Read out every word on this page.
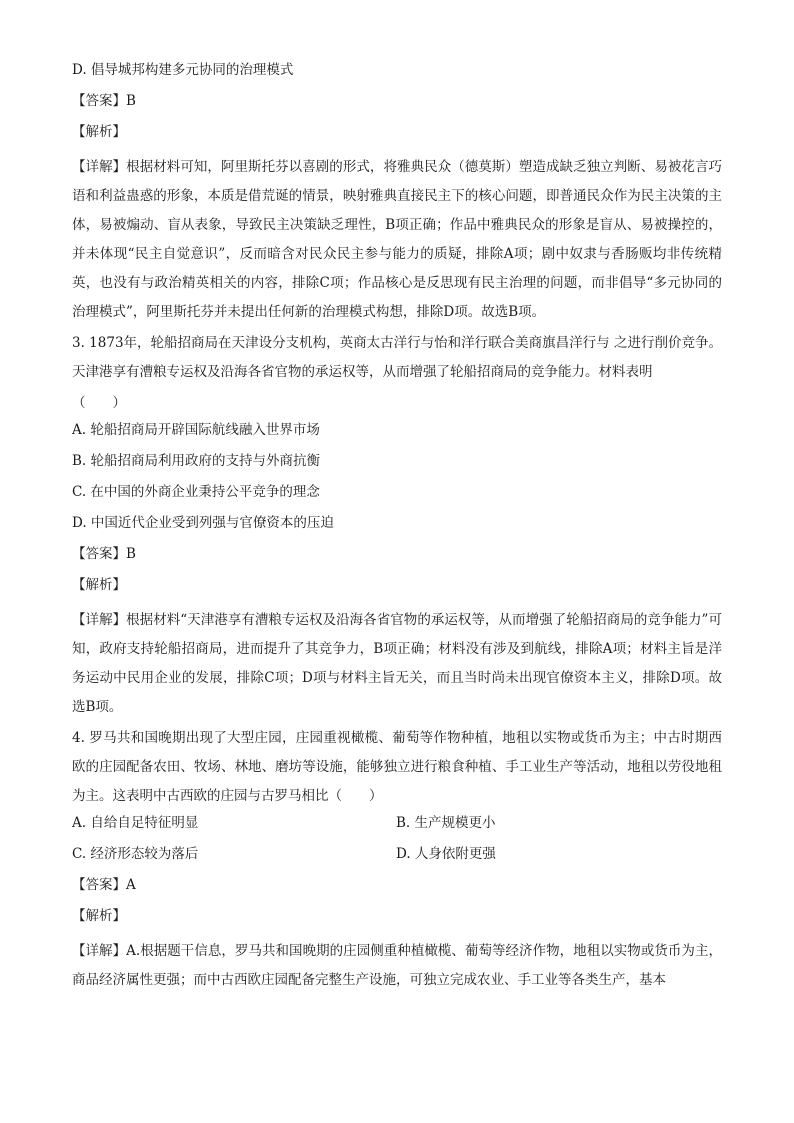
D. 倡导城邦构建多元协同的治理模式

【答案】B

【解析】

【详解】根据材料可知，阿里斯托芬以喜剧的形式，将雅典民众（德莫斯）塑造成缺乏独立判断、易被花言巧语和利益蛊惑的形象，本质是借荒诞的情景，映射雅典直接民主下的核心问题，即普通民众作为民主决策的主体，易被煽动、盲从表象，导致民主决策缺乏理性，B项正确；作品中雅典民众的形象是盲从、易被操控的，并未体现“民主自觉意识”，反而暗含对民众民主参与能力的质疑，排除A项；剧中奴隶与香肠贩均非传统精英，也没有与政治精英相关的内容，排除C项；作品核心是反思现有民主治理的问题，而非倡导“多元协同的治理模式”，阿里斯托芬并未提出任何新的治理模式构想，排除D项。故选B项。

3. 1873年，轮船招商局在天津设分支机构，英商太古洋行与怡和洋行联合美商旗昌洋行与 之进行削价竞争。天津港享有漕粮专运权及沿海各省官物的承运权等，从而增强了轮船招商局的竞争能力。材料表明

（　　）

A. 轮船招商局开辟国际航线融入世界市场

B. 轮船招商局利用政府的支持与外商抗衡

C. 在中国的外商企业秉持公平竞争的理念

D. 中国近代企业受到列强与官僚资本的压迫

【答案】B

【解析】

【详解】根据材料“天津港享有漕粮专运权及沿海各省官物的承运权等，从而增强了轮船招商局的竞争能力”可知，政府支持轮船招商局，进而提升了其竞争力，B项正确；材料没有涉及到航线，排除A项；材料主旨是洋务运动中民用企业的发展，排除C项；D项与材料主旨无关，而且当时尚未出现官僚资本主义，排除D项。故选B项。

4. 罗马共和国晚期出现了大型庄园，庄园重视橄榄、葡萄等作物种植，地租以实物或货币为主；中古时期西欧的庄园配备农田、牧场、林地、磨坊等设施，能够独立进行粮食种植、手工业生产等活动，地租以劳役地租为主。这表明中古西欧的庄园与古罗马相比（　　）

A. 自给自足特征明显	B. 生产规模更小
C. 经济形态较为落后	D. 人身依附更强

【答案】A

【解析】

【详解】A.根据题干信息，罗马共和国晚期的庄园侧重种植橄榄、葡萄等经济作物，地租以实物或货币为主，商品经济属性更强；而中古西欧庄园配备完整生产设施，可独立完成农业、手工业等各类生产，基本
